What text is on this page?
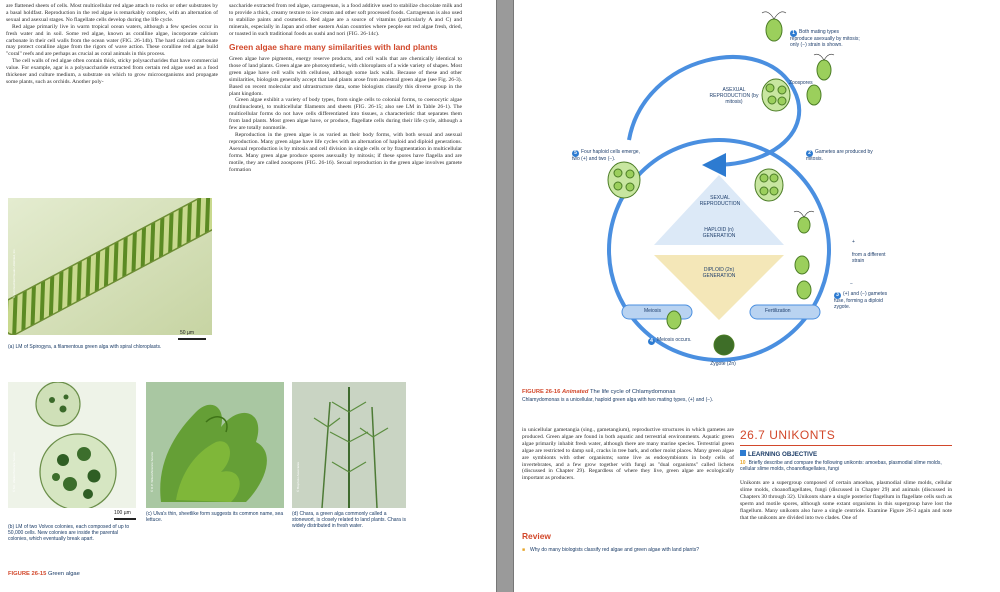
are flattened sheets of cells. Most multicellular red algae attach to rocks or other substrates by a basal holdfast. Reproduction in the red algae is remarkably complex, with an alternation of sexual and asexual stages. No flagellate cells develop during the life cycle.

Red algae primarily live in warm tropical ocean waters, although a few species occur in fresh water and in soil. Some red algae, known as coralline algae, incorporate calcium carbonate in their cell walls from the ocean water (FIG. 26-14b). The hard calcium carbonate may protect coralline algae from the rigors of wave action. These coralline red algae build "coral" reefs and are perhaps as crucial as coral animals in this process.

The cell walls of red algae often contain thick, sticky polysaccharides that have commercial value. For example, agar is a polysaccharide extracted from certain red algae used as a food thickener and culture medium, a substrate on which to grow microorganisms and propagate some plants, such as orchids. Another poly-

saccharide extracted from red algae, carrageenan, is a food additive used to stabilize chocolate milk and to provide a thick, creamy texture to ice cream and other soft processed foods. Carrageenan is also used to stabilize paints and cosmetics. Red algae are a source of vitamins (particularly A and C) and minerals, especially in Japan and other eastern Asian countries where people eat red algae fresh, dried, or toasted in such traditional foods as sushi and nori (FIG. 26-14c).

Green algae share many similarities with land plants

Green algae have pigments, energy reserve products, and cell walls that are chemically identical to those of land plants. Green algae are photosynthetic, with chloroplasts of a wide variety of shapes. Most green algae have cell walls with cellulose, although some lack walls. Because of these and other similarities, biologists generally accept that land plants arose from ancestral green algae (see Fig. 26-3). Based on recent molecular and ultrastructure data, some biologists classify this diverse group in the plant kingdom.

Green algae exhibit a variety of body types, from single cells to colonial forms, to coenocytic algae (multinucleate), to multicellular filaments and sheets (FIG. 26-15; also see LM in Table 26-1). The multicellular forms do not have cells differentiated into tissues, a characteristic that separates them from land plants. Most green algae have, or produce, flagellate cells during their life cycle, although a few are totally nonmotile.

Reproduction in the green algae is as varied as their body forms, with both sexual and asexual reproduction. Many green algae have life cycles with an alternation of haploid and diploid generations. Asexual reproduction is by mitosis and cell division in single cells or by fragmentation in multicellular forms. Many green algae produce spores asexually by mitosis; if these spores have flagella and are motile, they are called zoospores (FIG. 26-16). Sexual reproduction in the green algae involves gamete formation

© Ed Reschke/Visuals Unlimited, Inc.
50 µm
(a) LM of Spirogyra, a filamentous green alga with spiral chloroplasts.
© M.I. Walker/Science Source
100 µm
(b) LM of two Volvox colonies, each composed of up to 50,000 cells. New colonies are inside the parental colonies, which eventually break apart.
© D.P. Wilson/Science Source
(c) Ulva's thin, sheetlike form suggests its common name, sea lettuce.
© Biophoto Associates
(d) Chara, a green alga commonly called a stonewort, is closely related to land plants. Chara is widely distributed in fresh water.
FIGURE 26-15 Green algae
ASEXUAL REPRODUCTION (by mitosis)
Zoospores
SEXUAL REPRODUCTION
HAPLOID (n) GENERATION
DIPLOID (2n) GENERATION
Meiosis	Fertilization
Zygote (2n)
from a different strain
+
−
1 Both mating types reproduce asexually by mitosis; only (−) strain is shown.
2 Gametes are produced by mitosis.
3 (+) and (−) gametes fuse, forming a diploid zygote.
4 Meiosis occurs.
5 Four haploid cells emerge, two (+) and two (−).
FIGURE 26-16 Animated The life cycle of Chlamydomonas
Chlamydomonas is a unicellular, haploid green alga with two mating types, (+) and (−).

in unicellular gametangia (sing., gametangium), reproductive structures in which gametes are produced. Green algae are found in both aquatic and terrestrial environments. Aquatic green algae primarily inhabit fresh water, although there are many marine species. Terrestrial green algae are restricted to damp soil, cracks in tree bark, and other moist places. Many green algae are symbionts with other organisms; some live as endosymbionts in body cells of invertebrates, and a few grow together with fungi as "dual organisms" called lichens (discussed in Chapter 29). Regardless of where they live, green algae are ecologically important as producers.

Review
■ Why do many biologists classify red algae and green algae with land plants?
26.7 UNIKONTS
LEARNING OBJECTIVE
10 Briefly describe and compare the following unikonts: amoebas, plasmodial slime molds, cellular slime molds, choanoflagellates, fungi

Unikonts are a supergroup composed of certain amoebas, plasmodial slime molds, cellular slime molds, choanoflagellates, fungi (discussed in Chapter 29) and animals (discussed in Chapters 30 through 32). Unikonts share a single posterior flagellum in flagellate cells such as sperm and motile spores, although some extant organisms in this supergroup have lost the flagellum. Many unikonts also have a single centriole. Examine Figure 26-3 again and note that the unikonts are divided into two clades. One of
